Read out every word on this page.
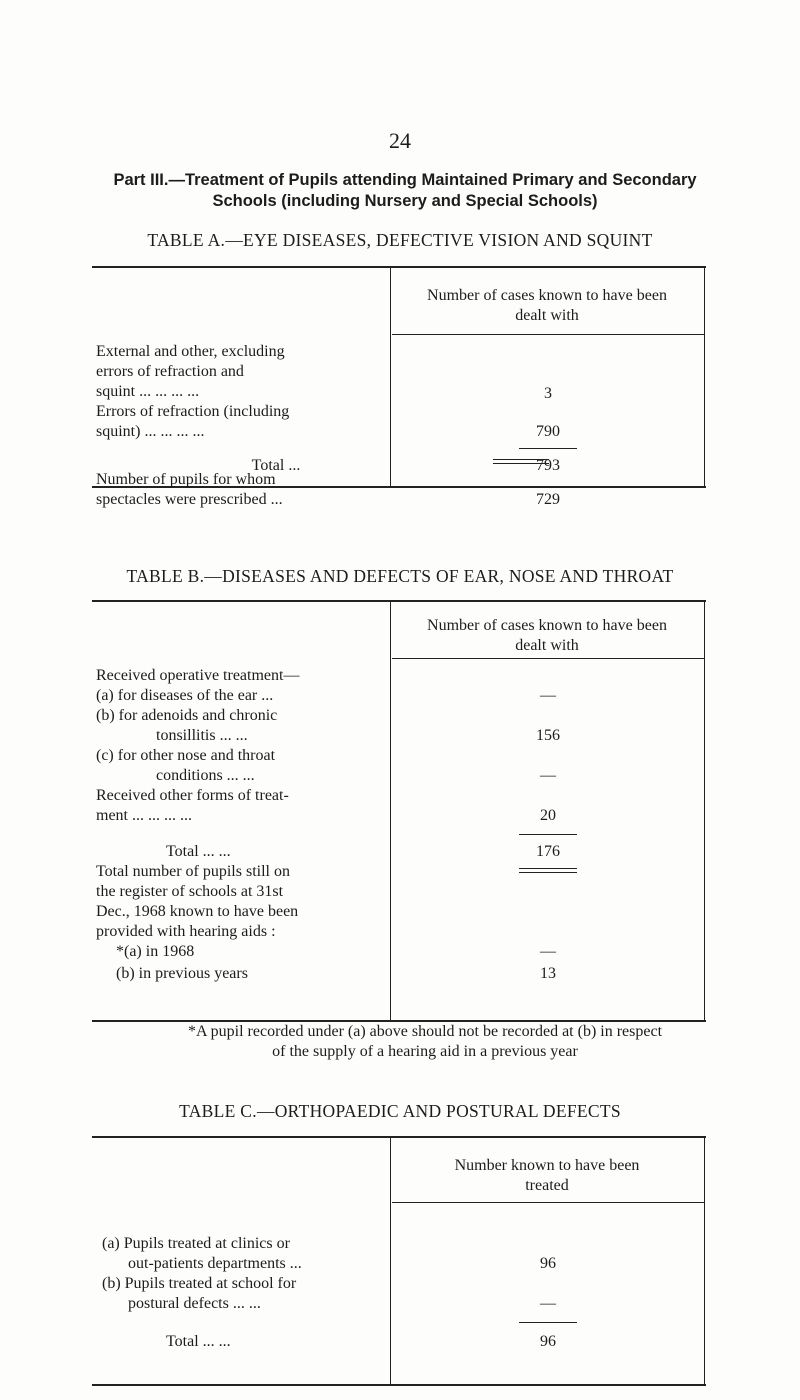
24
Part III.—Treatment of Pupils attending Maintained Primary and Secondary
Schools (including Nursery and Special Schools)
TABLE A.—EYE DISEASES, DEFECTIVE VISION AND SQUINT
Number of cases known to have been dealt with
External and other, excluding
errors of refraction and
squint ... ... ... ...	3
Errors of refraction (including
squint) ... ... ... ...	790
Total ...	793
Number of pupils for whom
spectacles were prescribed ...	729
TABLE B.—DISEASES AND DEFECTS OF EAR, NOSE AND THROAT
Number of cases known to have been dealt with
Received operative treatment—
(a) for diseases of the ear ...	—
(b) for adenoids and chronic
tonsillitis ... ...	156
(c) for other nose and throat
conditions ... ...	—
Received other forms of treat-
ment ... ... ... ...	20
Total ... ...	176
Total number of pupils still on
the register of schools at 31st
Dec., 1968 known to have been
provided with hearing aids :
*(a) in 1968	—
(b) in previous years	13
*A pupil recorded under (a) above should not be recorded at (b) in respect
of the supply of a hearing aid in a previous year
TABLE C.—ORTHOPAEDIC AND POSTURAL DEFECTS
Number known to have been treated
(a) Pupils treated at clinics or
out-patients departments ...	96
(b) Pupils treated at school for
postural defects ... ...	—
Total ... ...	96
